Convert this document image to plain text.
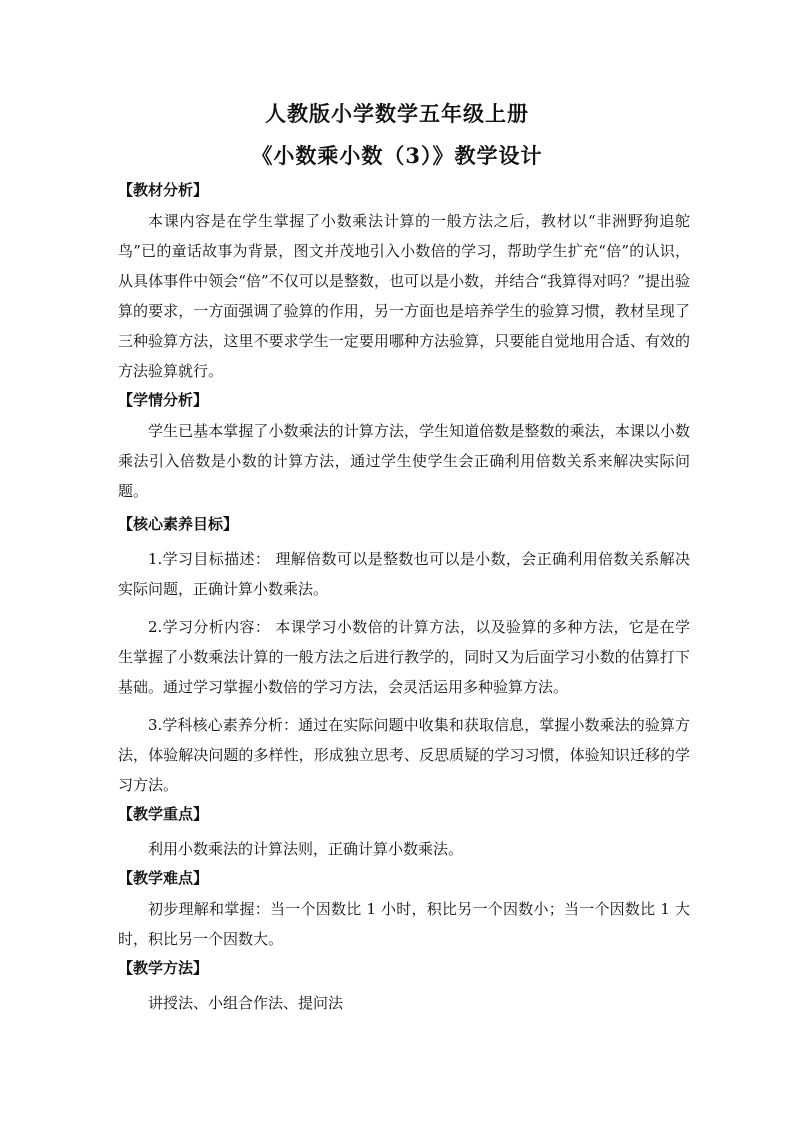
人教版小学数学五年级上册
《小数乘小数（3）》教学设计
【教材分析】

本课内容是在学生掌握了小数乘法计算的一般方法之后，教材以“非洲野狗追鸵鸟”已的童话故事为背景，图文并茂地引入小数倍的学习，帮助学生扩充“倍”的认识，从具体事件中领会“倍”不仅可以是整数，也可以是小数，并结合“我算得对吗？”提出验算的要求，一方面强调了验算的作用，另一方面也是培养学生的验算习惯，教材呈现了三种验算方法，这里不要求学生一定要用哪种方法验算，只要能自觉地用合适、有效的方法验算就行。

【学情分析】

学生已基本掌握了小数乘法的计算方法，学生知道倍数是整数的乘法，本课以小数乘法引入倍数是小数的计算方法，通过学生使学生会正确利用倍数关系来解决实际问题。

【核心素养目标】

1.学习目标描述： 理解倍数可以是整数也可以是小数，会正确利用倍数关系解决实际问题，正确计算小数乘法。

2.学习分析内容： 本课学习小数倍的计算方法，以及验算的多种方法，它是在学生掌握了小数乘法计算的一般方法之后进行教学的，同时又为后面学习小数的估算打下基础。通过学习掌握小数倍的学习方法，会灵活运用多种验算方法。

3.学科核心素养分析：通过在实际问题中收集和获取信息，掌握小数乘法的验算方法，体验解决问题的多样性，形成独立思考、反思质疑的学习习惯，体验知识迁移的学习方法。

【教学重点】

利用小数乘法的计算法则，正确计算小数乘法。

【教学难点】

初步理解和掌握：当一个因数比 1 小时，积比另一个因数小；当一个因数比 1 大时，积比另一个因数大。

【教学方法】

讲授法、小组合作法、提问法
